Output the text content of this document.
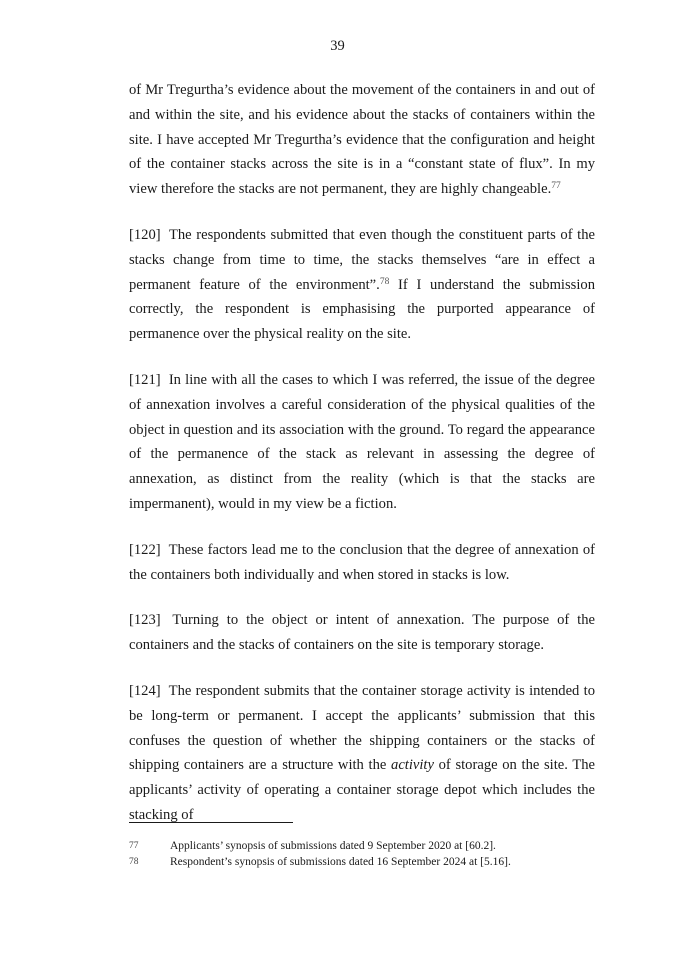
39

of Mr Tregurtha’s evidence about the movement of the containers in and out of and within the site, and his evidence about the stacks of containers within the site. I have accepted Mr Tregurtha’s evidence that the configuration and height of the container stacks across the site is in a “constant state of flux”. In my view therefore the stacks are not permanent, they are highly changeable.$^{77}$

[120] The respondents submitted that even though the constituent parts of the stacks change from time to time, the stacks themselves “are in effect a permanent feature of the environment”.$^{78}$ If I understand the submission correctly, the respondent is emphasising the purported appearance of permanence over the physical reality on the site.

[121] In line with all the cases to which I was referred, the issue of the degree of annexation involves a careful consideration of the physical qualities of the object in question and its association with the ground. To regard the appearance of the permanence of the stack as relevant in assessing the degree of annexation, as distinct from the reality (which is that the stacks are impermanent), would in my view be a fiction.

[122] These factors lead me to the conclusion that the degree of annexation of the containers both individually and when stored in stacks is low.

[123] Turning to the object or intent of annexation. The purpose of the containers and the stacks of containers on the site is temporary storage.

[124] The respondent submits that the container storage activity is intended to be long-term or permanent. I accept the applicants’ submission that this confuses the question of whether the shipping containers or the stacks of shipping containers are a structure with the activity of storage on the site. The applicants’ activity of operating a container storage depot which includes the stacking of

77	Applicants’ synopsis of submissions dated 9 September 2020 at [60.2].
78	Respondent’s synopsis of submissions dated 16 September 2024 at [5.16].
